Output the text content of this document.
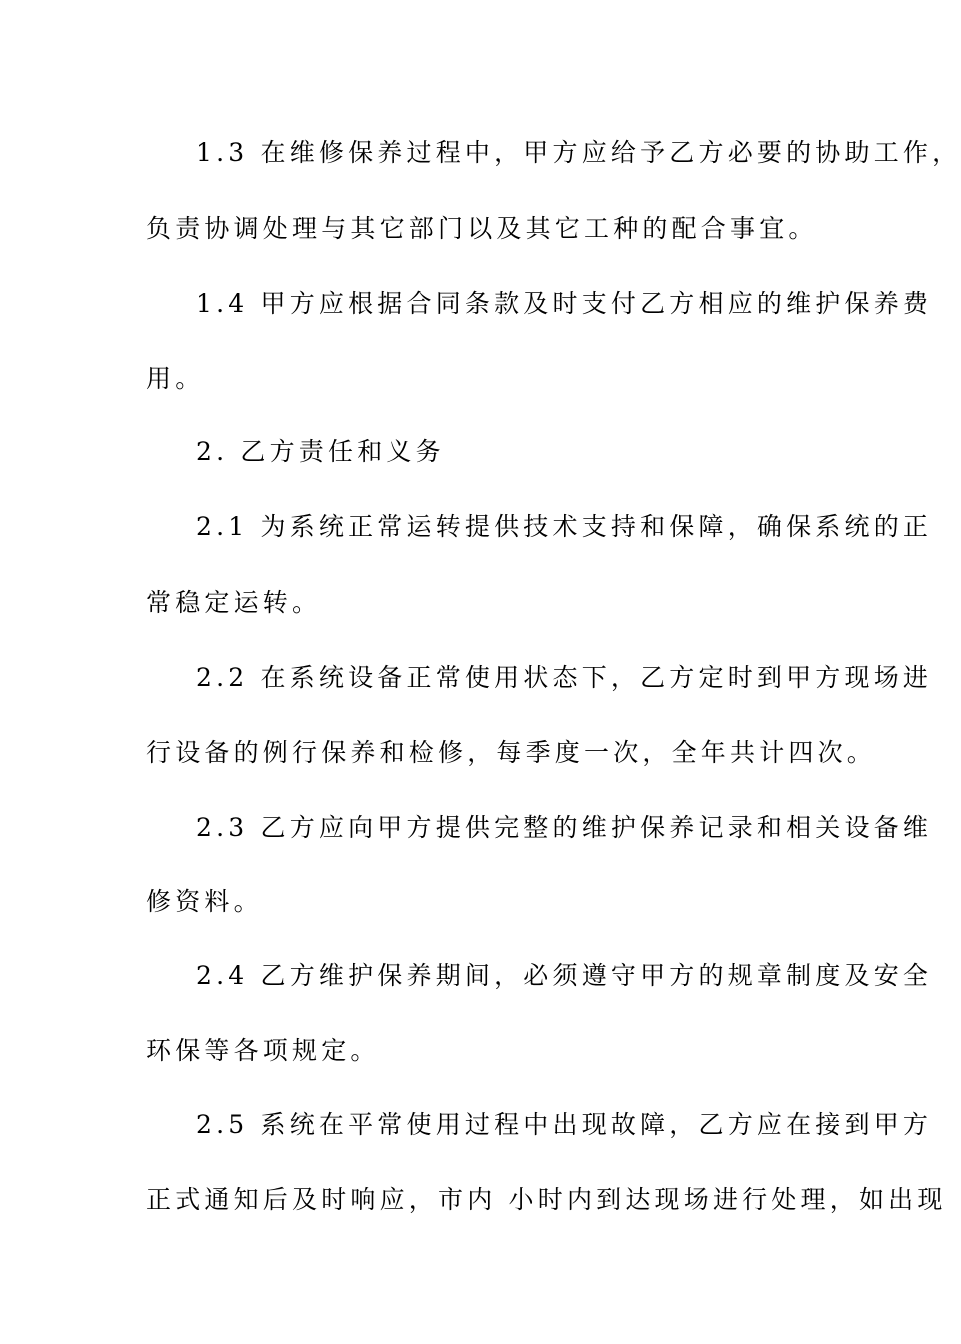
1.3 在维修保养过程中，甲方应给予乙方必要的协助工作，
负责协调处理与其它部门以及其它工种的配合事宜。
1.4 甲方应根据合同条款及时支付乙方相应的维护保养费
用。
2. 乙方责任和义务
2.1 为系统正常运转提供技术支持和保障，确保系统的正
常稳定运转。
2.2 在系统设备正常使用状态下，乙方定时到甲方现场进
行设备的例行保养和检修，每季度一次，全年共计四次。
2.3 乙方应向甲方提供完整的维护保养记录和相关设备维
修资料。
2.4 乙方维护保养期间，必须遵守甲方的规章制度及安全
环保等各项规定。
2.5 系统在平常使用过程中出现故障，乙方应在接到甲方
正式通知后及时响应，市内 小时内到达现场进行处理，如出现
